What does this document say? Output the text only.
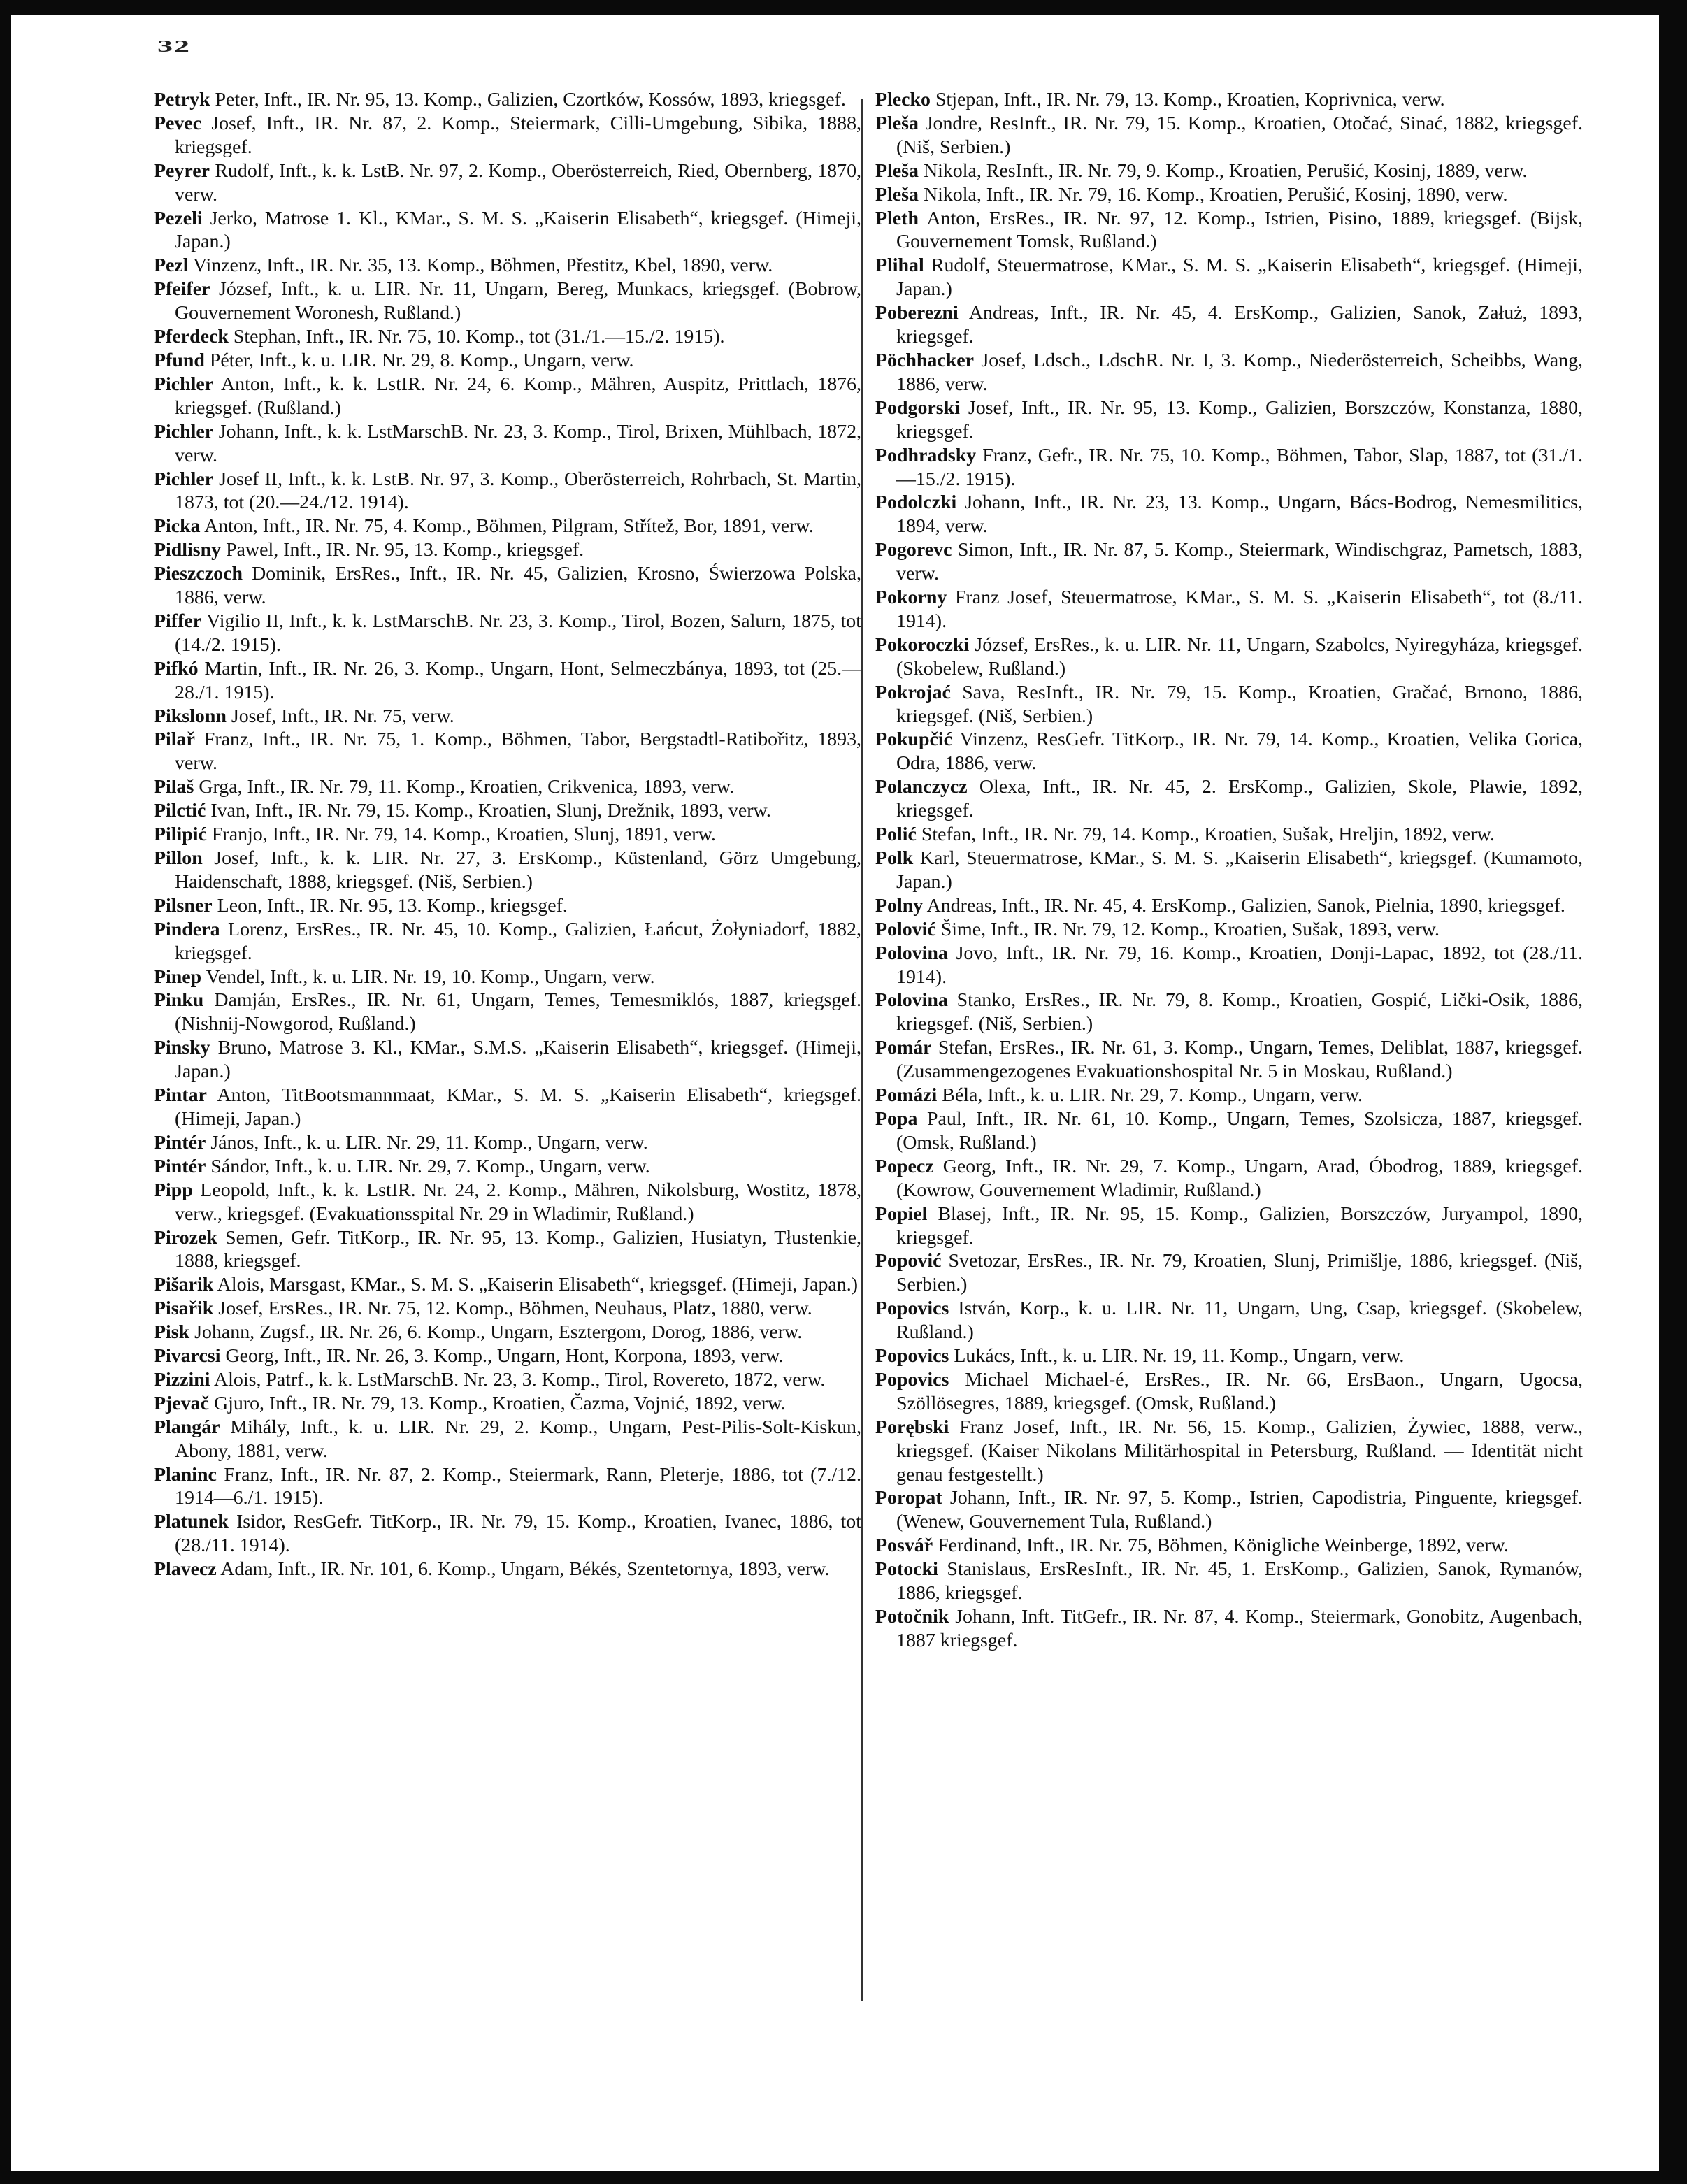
32

Petryk Peter, Inft., IR. Nr. 95, 13. Komp., Galizien, Czortków, Kossów, 1893, kriegsgef.

Pevec Josef, Inft., IR. Nr. 87, 2. Komp., Steiermark, Cilli-Umgebung, Sibika, 1888, kriegsgef.

Peyrer Rudolf, Inft., k. k. LstB. Nr. 97, 2. Komp., Oberösterreich, Ried, Obernberg, 1870, verw.

Pezeli Jerko, Matrose 1. Kl., KMar., S. M. S. „Kaiserin Elisabeth“, kriegsgef. (Himeji, Japan.)

Pezl Vinzenz, Inft., IR. Nr. 35, 13. Komp., Böhmen, Přestitz, Kbel, 1890, verw.

Pfeifer József, Inft., k. u. LIR. Nr. 11, Ungarn, Bereg, Munkacs, kriegsgef. (Bobrow, Gouvernement Woronesh, Rußland.)

Pferdeck Stephan, Inft., IR. Nr. 75, 10. Komp., tot (31./1.—15./2. 1915).

Pfund Péter, Inft., k. u. LIR. Nr. 29, 8. Komp., Ungarn, verw.

Pichler Anton, Inft., k. k. LstIR. Nr. 24, 6. Komp., Mähren, Auspitz, Prittlach, 1876, kriegsgef. (Rußland.)

Pichler Johann, Inft., k. k. LstMarschB. Nr. 23, 3. Komp., Tirol, Brixen, Mühlbach, 1872, verw.

Pichler Josef II, Inft., k. k. LstB. Nr. 97, 3. Komp., Oberösterreich, Rohrbach, St. Martin, 1873, tot (20.—24./12. 1914).

Picka Anton, Inft., IR. Nr. 75, 4. Komp., Böhmen, Pilgram, Střítež, Bor, 1891, verw.

Pidlisny Pawel, Inft., IR. Nr. 95, 13. Komp., kriegsgef.

Pieszczoch Dominik, ErsRes., Inft., IR. Nr. 45, Galizien, Krosno, Świerzowa Polska, 1886, verw.

Piffer Vigilio II, Inft., k. k. LstMarschB. Nr. 23, 3. Komp., Tirol, Bozen, Salurn, 1875, tot (14./2. 1915).

Pifkó Martin, Inft., IR. Nr. 26, 3. Komp., Ungarn, Hont, Selmeczbánya, 1893, tot (25.—28./1. 1915).

Pikslonn Josef, Inft., IR. Nr. 75, verw.

Pilař Franz, Inft., IR. Nr. 75, 1. Komp., Böhmen, Tabor, Bergstadtl-Ratibořitz, 1893, verw.

Pilaš Grga, Inft., IR. Nr. 79, 11. Komp., Kroatien, Crikvenica, 1893, verw.

Pilctić Ivan, Inft., IR. Nr. 79, 15. Komp., Kroatien, Slunj, Drežnik, 1893, verw.

Pilipić Franjo, Inft., IR. Nr. 79, 14. Komp., Kroatien, Slunj, 1891, verw.

Pillon Josef, Inft., k. k. LIR. Nr. 27, 3. ErsKomp., Küstenland, Görz Umgebung, Haidenschaft, 1888, kriegsgef. (Niš, Serbien.)

Pilsner Leon, Inft., IR. Nr. 95, 13. Komp., kriegsgef.

Pindera Lorenz, ErsRes., IR. Nr. 45, 10. Komp., Galizien, Łańcut, Żołyniadorf, 1882, kriegsgef.

Pinep Vendel, Inft., k. u. LIR. Nr. 19, 10. Komp., Ungarn, verw.

Pinku Damján, ErsRes., IR. Nr. 61, Ungarn, Temes, Temesmiklós, 1887, kriegsgef. (Nishnij-Nowgorod, Rußland.)

Pinsky Bruno, Matrose 3. Kl., KMar., S.M.S. „Kaiserin Elisabeth“, kriegsgef. (Himeji, Japan.)

Pintar Anton, TitBootsmannmaat, KMar., S. M. S. „Kaiserin Elisabeth“, kriegsgef. (Himeji, Japan.)

Pintér János, Inft., k. u. LIR. Nr. 29, 11. Komp., Ungarn, verw.

Pintér Sándor, Inft., k. u. LIR. Nr. 29, 7. Komp., Ungarn, verw.

Pipp Leopold, Inft., k. k. LstIR. Nr. 24, 2. Komp., Mähren, Nikolsburg, Wostitz, 1878, verw., kriegsgef. (Evakuationsspital Nr. 29 in Wladimir, Rußland.)

Pirozek Semen, Gefr. TitKorp., IR. Nr. 95, 13. Komp., Galizien, Husiatyn, Tłustenkie, 1888, kriegsgef.

Pišarik Alois, Marsgast, KMar., S. M. S. „Kaiserin Elisabeth“, kriegsgef. (Himeji, Japan.)

Pisařik Josef, ErsRes., IR. Nr. 75, 12. Komp., Böhmen, Neuhaus, Platz, 1880, verw.

Pisk Johann, Zugsf., IR. Nr. 26, 6. Komp., Ungarn, Esztergom, Dorog, 1886, verw.

Pivarcsi Georg, Inft., IR. Nr. 26, 3. Komp., Ungarn, Hont, Korpona, 1893, verw.

Pizzini Alois, Patrf., k. k. LstMarschB. Nr. 23, 3. Komp., Tirol, Rovereto, 1872, verw.

Pjevač Gjuro, Inft., IR. Nr. 79, 13. Komp., Kroatien, Čazma, Vojnić, 1892, verw.

Plangár Mihály, Inft., k. u. LIR. Nr. 29, 2. Komp., Ungarn, Pest-Pilis-Solt-Kiskun, Abony, 1881, verw.

Planinc Franz, Inft., IR. Nr. 87, 2. Komp., Steiermark, Rann, Pleterje, 1886, tot (7./12. 1914—6./1. 1915).

Platunek Isidor, ResGefr. TitKorp., IR. Nr. 79, 15. Komp., Kroatien, Ivanec, 1886, tot (28./11. 1914).

Plavecz Adam, Inft., IR. Nr. 101, 6. Komp., Ungarn, Békés, Szentetornya, 1893, verw.

Plecko Stjepan, Inft., IR. Nr. 79, 13. Komp., Kroatien, Koprivnica, verw.

Pleša Jondre, ResInft., IR. Nr. 79, 15. Komp., Kroatien, Otočać, Sinać, 1882, kriegsgef. (Niš, Serbien.)

Pleša Nikola, ResInft., IR. Nr. 79, 9. Komp., Kroatien, Perušić, Kosinj, 1889, verw.

Pleša Nikola, Inft., IR. Nr. 79, 16. Komp., Kroatien, Perušić, Kosinj, 1890, verw.

Pleth Anton, ErsRes., IR. Nr. 97, 12. Komp., Istrien, Pisino, 1889, kriegsgef. (Bijsk, Gouvernement Tomsk, Rußland.)

Plihal Rudolf, Steuermatrose, KMar., S. M. S. „Kaiserin Elisabeth“, kriegsgef. (Himeji, Japan.)

Poberezni Andreas, Inft., IR. Nr. 45, 4. ErsKomp., Galizien, Sanok, Załuż, 1893, kriegsgef.

Pöchhacker Josef, Ldsch., LdschR. Nr. I, 3. Komp., Niederösterreich, Scheibbs, Wang, 1886, verw.

Podgorski Josef, Inft., IR. Nr. 95, 13. Komp., Galizien, Borszczów, Konstanza, 1880, kriegsgef.

Podhradsky Franz, Gefr., IR. Nr. 75, 10. Komp., Böhmen, Tabor, Slap, 1887, tot (31./1.—15./2. 1915).

Podolczki Johann, Inft., IR. Nr. 23, 13. Komp., Ungarn, Bács-Bodrog, Nemesmilitics, 1894, verw.

Pogorevc Simon, Inft., IR. Nr. 87, 5. Komp., Steiermark, Windischgraz, Pametsch, 1883, verw.

Pokorny Franz Josef, Steuermatrose, KMar., S. M. S. „Kaiserin Elisabeth“, tot (8./11. 1914).

Pokoroczki József, ErsRes., k. u. LIR. Nr. 11, Ungarn, Szabolcs, Nyiregyháza, kriegsgef. (Skobelew, Rußland.)

Pokrojać Sava, ResInft., IR. Nr. 79, 15. Komp., Kroatien, Gračać, Brnono, 1886, kriegsgef. (Niš, Serbien.)

Pokupčić Vinzenz, ResGefr. TitKorp., IR. Nr. 79, 14. Komp., Kroatien, Velika Gorica, Odra, 1886, verw.

Polanczycz Olexa, Inft., IR. Nr. 45, 2. ErsKomp., Galizien, Skole, Plawie, 1892, kriegsgef.

Polić Stefan, Inft., IR. Nr. 79, 14. Komp., Kroatien, Sušak, Hreljin, 1892, verw.

Polk Karl, Steuermatrose, KMar., S. M. S. „Kaiserin Elisabeth“, kriegsgef. (Kumamoto, Japan.)

Polny Andreas, Inft., IR. Nr. 45, 4. ErsKomp., Galizien, Sanok, Pielnia, 1890, kriegsgef.

Polović Šime, Inft., IR. Nr. 79, 12. Komp., Kroatien, Sušak, 1893, verw.

Polovina Jovo, Inft., IR. Nr. 79, 16. Komp., Kroatien, Donji-Lapac, 1892, tot (28./11. 1914).

Polovina Stanko, ErsRes., IR. Nr. 79, 8. Komp., Kroatien, Gospić, Lički-Osik, 1886, kriegsgef. (Niš, Serbien.)

Pomár Stefan, ErsRes., IR. Nr. 61, 3. Komp., Ungarn, Temes, Deliblat, 1887, kriegsgef. (Zusammengezogenes Evakuationshospital Nr. 5 in Moskau, Rußland.)

Pomázi Béla, Inft., k. u. LIR. Nr. 29, 7. Komp., Ungarn, verw.

Popa Paul, Inft., IR. Nr. 61, 10. Komp., Ungarn, Temes, Szolsicza, 1887, kriegsgef. (Omsk, Rußland.)

Popecz Georg, Inft., IR. Nr. 29, 7. Komp., Ungarn, Arad, Óbodrog, 1889, kriegsgef. (Kowrow, Gouvernement Wladimir, Rußland.)

Popiel Blasej, Inft., IR. Nr. 95, 15. Komp., Galizien, Borszczów, Juryampol, 1890, kriegsgef.

Popović Svetozar, ErsRes., IR. Nr. 79, Kroatien, Slunj, Primišlje, 1886, kriegsgef. (Niš, Serbien.)

Popovics István, Korp., k. u. LIR. Nr. 11, Ungarn, Ung, Csap, kriegsgef. (Skobelew, Rußland.)

Popovics Lukács, Inft., k. u. LIR. Nr. 19, 11. Komp., Ungarn, verw.

Popovics Michael Michael-é, ErsRes., IR. Nr. 66, ErsBaon., Ungarn, Ugocsa, Szöllösegres, 1889, kriegsgef. (Omsk, Rußland.)

Porębski Franz Josef, Inft., IR. Nr. 56, 15. Komp., Galizien, Żywiec, 1888, verw., kriegsgef. (Kaiser Nikolans Militärhospital in Petersburg, Rußland. — Identität nicht genau festgestellt.)

Poropat Johann, Inft., IR. Nr. 97, 5. Komp., Istrien, Capodistria, Pinguente, kriegsgef. (Wenew, Gouvernement Tula, Rußland.)

Posvář Ferdinand, Inft., IR. Nr. 75, Böhmen, Königliche Weinberge, 1892, verw.

Potocki Stanislaus, ErsResInft., IR. Nr. 45, 1. ErsKomp., Galizien, Sanok, Rymanów, 1886, kriegsgef.

Potočnik Johann, Inft. TitGefr., IR. Nr. 87, 4. Komp., Steiermark, Gonobitz, Augenbach, 1887 kriegsgef.
